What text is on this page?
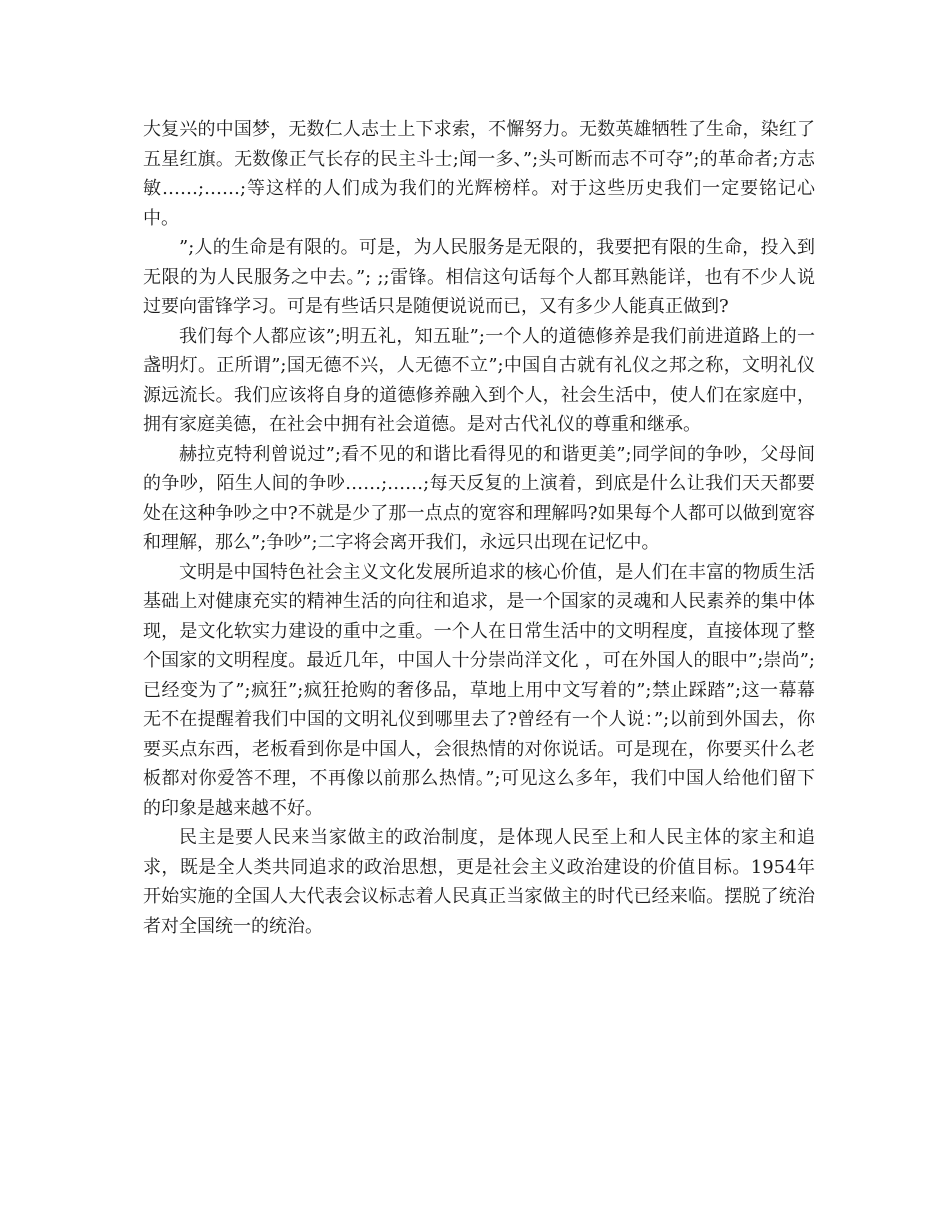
大复兴的中国梦，无数仁人志士上下求索，不懈努力。无数英雄牺牲了生命，染红了五星红旗。无数像正气长存的民主斗士;闻一多、”;头可断而志不可夺”;的革命者;方志敏……;……;等这样的人们成为我们的光辉榜样。对于这些历史我们一定要铭记心中。

”;人的生命是有限的。可是，为人民服务是无限的，我要把有限的生命，投入到无限的为人民服务之中去。”; ;;雷锋。相信这句话每个人都耳熟能详，也有不少人说过要向雷锋学习。可是有些话只是随便说说而已，又有多少人能真正做到?

我们每个人都应该”;明五礼，知五耻”;一个人的道德修养是我们前进道路上的一盏明灯。正所谓”;国无德不兴，人无德不立”;中国自古就有礼仪之邦之称，文明礼仪源远流长。我们应该将自身的道德修养融入到个人，社会生活中，使人们在家庭中，拥有家庭美德，在社会中拥有社会道德。是对古代礼仪的尊重和继承。

赫拉克特利曾说过”;看不见的和谐比看得见的和谐更美”;同学间的争吵，父母间的争吵，陌生人间的争吵……;……;每天反复的上演着，到底是什么让我们天天都要处在这种争吵之中?不就是少了那一点点的宽容和理解吗?如果每个人都可以做到宽容和理解，那么”;争吵”;二字将会离开我们，永远只出现在记忆中。

文明是中国特色社会主义文化发展所追求的核心价值，是人们在丰富的物质生活基础上对健康充实的精神生活的向往和追求，是一个国家的灵魂和人民素养的集中体现，是文化软实力建设的重中之重。一个人在日常生活中的文明程度，直接体现了整个国家的文明程度。最近几年，中国人十分崇尚洋文化 ，可在外国人的眼中”;崇尚”;已经变为了”;疯狂”;疯狂抢购的奢侈品，草地上用中文写着的”;禁止踩踏”;这一幕幕无不在提醒着我们中国的文明礼仪到哪里去了?曾经有一个人说：”;以前到外国去，你要买点东西，老板看到你是中国人，会很热情的对你说话。可是现在，你要买什么老板都对你爱答不理，不再像以前那么热情。”;可见这么多年，我们中国人给他们留下的印象是越来越不好。

民主是要人民来当家做主的政治制度，是体现人民至上和人民主体的家主和追求，既是全人类共同追求的政治思想，更是社会主义政治建设的价值目标。1954年开始实施的全国人大代表会议标志着人民真正当家做主的时代已经来临。摆脱了统治者对全国统一的统治。
